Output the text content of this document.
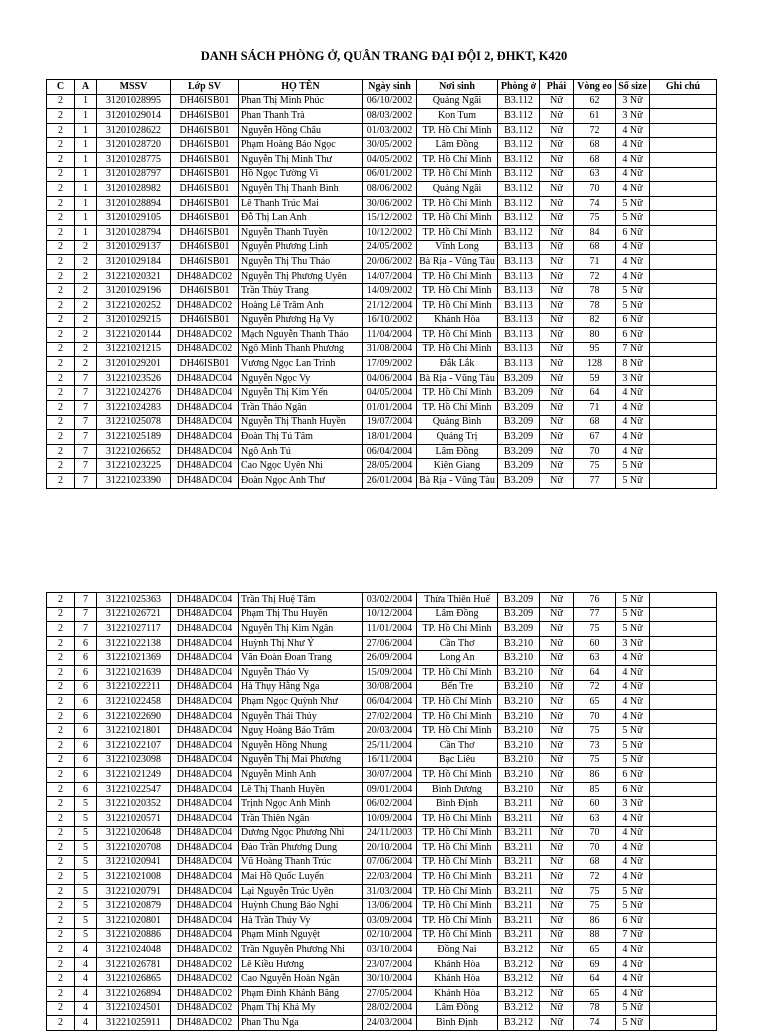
DANH SÁCH PHÒNG Ở, QUÂN TRANG ĐẠI ĐỘI 2, ĐHKT, K420
C	A	MSSV	Lớp SV	HỌ TÊN	Ngày sinh	Nơi sinh	Phòng ở	Phái	Vòng eo	Số size	Ghi chú
2	1	31201028995	DH46ISB01	Phan Thị Minh Phúc	06/10/2002	Quảng Ngãi	B3.112	Nữ	62	3 Nữ	
2	1	31201029014	DH46ISB01	Phan Thanh Trà	08/03/2002	Kon Tum	B3.112	Nữ	61	3 Nữ	
2	1	31201028622	DH46ISB01	Nguyễn Hồng Châu	01/03/2002	TP. Hồ Chí Minh	B3.112	Nữ	72	4 Nữ	
2	1	31201028720	DH46ISB01	Phạm Hoàng Bảo Ngọc	30/05/2002	Lâm Đồng	B3.112	Nữ	68	4 Nữ	
2	1	31201028775	DH46ISB01	Nguyễn Thị Minh Thư	04/05/2002	TP. Hồ Chí Minh	B3.112	Nữ	68	4 Nữ	
2	1	31201028797	DH46ISB01	Hồ Ngọc Tường Vi	06/01/2002	TP. Hồ Chí Minh	B3.112	Nữ	63	4 Nữ	
2	1	31201028982	DH46ISB01	Nguyễn Thị Thanh Bình	08/06/2002	Quảng Ngãi	B3.112	Nữ	70	4 Nữ	
2	1	31201028894	DH46ISB01	Lê Thanh Trúc Mai	30/06/2002	TP. Hồ Chí Minh	B3.112	Nữ	74	5 Nữ	
2	1	31201029105	DH46ISB01	Đỗ Thị Lan Anh	15/12/2002	TP. Hồ Chí Minh	B3.112	Nữ	75	5 Nữ	
2	1	31201028794	DH46ISB01	Nguyễn Thanh Tuyền	10/12/2002	TP. Hồ Chí Minh	B3.112	Nữ	84	6 Nữ	
2	2	31201029137	DH46ISB01	Nguyễn Phương Linh	24/05/2002	Vĩnh Long	B3.113	Nữ	68	4 Nữ	
2	2	31201029184	DH46ISB01	Nguyễn Thị Thu Thảo	20/06/2002	Bà Rịa - Vũng Tàu	B3.113	Nữ	71	4 Nữ	
2	2	31221020321	DH48ADC02	Nguyễn Thị Phương Uyên	14/07/2004	TP. Hồ Chí Minh	B3.113	Nữ	72	4 Nữ	
2	2	31201029196	DH46ISB01	Trần Thùy Trang	14/09/2002	TP. Hồ Chí Minh	B3.113	Nữ	78	5 Nữ	
2	2	31221020252	DH48ADC02	Hoàng Lê Trâm Anh	21/12/2004	TP. Hồ Chí Minh	B3.113	Nữ	78	5 Nữ	
2	2	31201029215	DH46ISB01	Nguyễn Phương Hạ Vy	16/10/2002	Khánh Hòa	B3.113	Nữ	82	6 Nữ	
2	2	31221020144	DH48ADC02	Mạch Nguyễn Thanh Thảo	11/04/2004	TP. Hồ Chí Minh	B3.113	Nữ	80	6 Nữ	
2	2	31221021215	DH48ADC02	Ngô Minh Thanh Phương	31/08/2004	TP. Hồ Chí Minh	B3.113	Nữ	95	7 Nữ	
2	2	31201029201	DH46ISB01	Vương Ngọc Lan Trinh	17/09/2002	Đắk Lắk	B3.113	Nữ	128	8 Nữ	
2	7	31221023526	DH48ADC04	Nguyễn Ngọc Vy	04/06/2004	Bà Rịa - Vũng Tàu	B3.209	Nữ	59	3 Nữ	
2	7	31221024276	DH48ADC04	Nguyễn Thị Kim Yến	04/05/2004	TP. Hồ Chí Minh	B3.209	Nữ	64	4 Nữ	
2	7	31221024283	DH48ADC04	Trần Thảo Ngân	01/01/2004	TP. Hồ Chí Minh	B3.209	Nữ	71	4 Nữ	
2	7	31221025078	DH48ADC04	Nguyễn Thị Thanh Huyền	19/07/2004	Quảng Bình	B3.209	Nữ	68	4 Nữ	
2	7	31221025189	DH48ADC04	Đoàn Thị Tú Tâm	18/01/2004	Quảng Trị	B3.209	Nữ	67	4 Nữ	
2	7	31221026652	DH48ADC04	Ngô Anh Tú	06/04/2004	Lâm Đồng	B3.209	Nữ	70	4 Nữ	
2	7	31221023225	DH48ADC04	Cao Ngọc Uyên Nhi	28/05/2004	Kiên Giang	B3.209	Nữ	75	5 Nữ	
2	7	31221023390	DH48ADC04	Đoàn Ngọc Anh Thư	26/01/2004	Bà Rịa - Vũng Tàu	B3.209	Nữ	77	5 Nữ	
2	7	31221025363	DH48ADC04	Trần Thị Huệ Tâm	03/02/2004	Thừa Thiên Huế	B3.209	Nữ	76	5 Nữ	
2	7	31221026721	DH48ADC04	Phạm Thị Thu Huyền	10/12/2004	Lâm Đồng	B3.209	Nữ	77	5 Nữ	
2	7	31221027117	DH48ADC04	Nguyễn Thị Kim Ngân	11/01/2004	TP. Hồ Chí Minh	B3.209	Nữ	75	5 Nữ	
2	6	31221022138	DH48ADC04	Huỳnh Thị Như Ý	27/06/2004	Cần Thơ	B3.210	Nữ	60	3 Nữ	
2	6	31221021369	DH48ADC04	Văn Đoàn Đoan Trang	26/09/2004	Long An	B3.210	Nữ	63	4 Nữ	
2	6	31221021639	DH48ADC04	Nguyễn Thảo Vy	15/09/2004	TP. Hồ Chí Minh	B3.210	Nữ	64	4 Nữ	
2	6	31221022211	DH48ADC04	Hà Thụy Hằng Nga	30/08/2004	Bến Tre	B3.210	Nữ	72	4 Nữ	
2	6	31221022458	DH48ADC04	Phạm Ngọc Quỳnh Như	06/04/2004	TP. Hồ Chí Minh	B3.210	Nữ	65	4 Nữ	
2	6	31221022690	DH48ADC04	Nguyễn Thái Thủy	27/02/2004	TP. Hồ Chí Minh	B3.210	Nữ	70	4 Nữ	
2	6	31221021801	DH48ADC04	Nguỵ Hoàng Bảo Trâm	20/03/2004	TP. Hồ Chí Minh	B3.210	Nữ	75	5 Nữ	
2	6	31221022107	DH48ADC04	Nguyễn Hồng Nhung	25/11/2004	Cần Thơ	B3.210	Nữ	73	5 Nữ	
2	6	31221023098	DH48ADC04	Nguyễn Thị Mai Phương	16/11/2004	Bạc Liêu	B3.210	Nữ	75	5 Nữ	
2	6	31221021249	DH48ADC04	Nguyễn Minh Anh	30/07/2004	TP. Hồ Chí Minh	B3.210	Nữ	86	6 Nữ	
2	6	31221022547	DH48ADC04	Lê Thị Thanh Huyền	09/01/2004	Bình Dương	B3.210	Nữ	85	6 Nữ	
2	5	31221020352	DH48ADC04	Trịnh Ngọc Anh Minh	06/02/2004	Bình Định	B3.211	Nữ	60	3 Nữ	
2	5	31221020571	DH48ADC04	Trần Thiên Ngân	10/09/2004	TP. Hồ Chí Minh	B3.211	Nữ	63	4 Nữ	
2	5	31221020648	DH48ADC04	Dương Ngọc Phương Nhi	24/11/2003	TP. Hồ Chí Minh	B3.211	Nữ	70	4 Nữ	
2	5	31221020708	DH48ADC04	Đào Trần Phương Dung	20/10/2004	TP. Hồ Chí Minh	B3.211	Nữ	70	4 Nữ	
2	5	31221020941	DH48ADC04	Vũ Hoàng Thanh Trúc	07/06/2004	TP. Hồ Chí Minh	B3.211	Nữ	68	4 Nữ	
2	5	31221021008	DH48ADC04	Mai Hồ Quốc Luyến	22/03/2004	TP. Hồ Chí Minh	B3.211	Nữ	72	4 Nữ	
2	5	31221020791	DH48ADC04	Lại Nguyễn Trúc Uyên	31/03/2004	TP. Hồ Chí Minh	B3.211	Nữ	75	5 Nữ	
2	5	31221020879	DH48ADC04	Huỳnh Chung Bảo Nghi	13/06/2004	TP. Hồ Chí Minh	B3.211	Nữ	75	5 Nữ	
2	5	31221020801	DH48ADC04	Hà Trần Thúy Vy	03/09/2004	TP. Hồ Chí Minh	B3.211	Nữ	86	6 Nữ	
2	5	31221020886	DH48ADC04	Phạm Minh Nguyệt	02/10/2004	TP. Hồ Chí Minh	B3.211	Nữ	88	7 Nữ	
2	4	31221024048	DH48ADC02	Trần Nguyễn Phương Nhi	03/10/2004	Đồng Nai	B3.212	Nữ	65	4 Nữ	
2	4	31221026781	DH48ADC02	Lê Kiều Hương	23/07/2004	Khánh Hòa	B3.212	Nữ	69	4 Nữ	
2	4	31221026865	DH48ADC02	Cao Nguyễn Hoàn Ngân	30/10/2004	Khánh Hòa	B3.212	Nữ	64	4 Nữ	
2	4	31221026894	DH48ADC02	Phạm Đình Khánh Băng	27/05/2004	Khánh Hòa	B3.212	Nữ	65	4 Nữ	
2	4	31221024501	DH48ADC02	Phạm Thị Khả My	28/02/2004	Lâm Đồng	B3.212	Nữ	78	5 Nữ	
2	4	31221025911	DH48ADC02	Phan Thu Nga	24/03/2004	Bình Định	B3.212	Nữ	74	5 Nữ	
